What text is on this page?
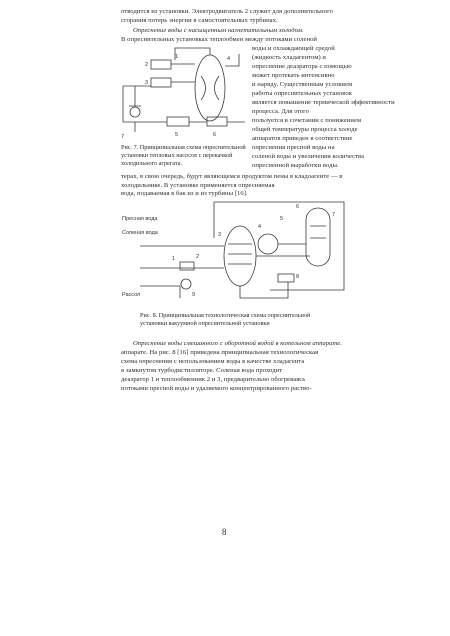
отводится из установки. Электродвигатель 2 служит для дополнительного
сгорания потерь энергии в самостоятельных турбинах.
Опреснение воды с насыщенным нагнетательным холодом.
В опреснительных установках теплообмен между потоками соленой
воды и охлаждающей средой
(жидкость хладагентом) и
опреснение деаэратора с помощью
может протекать интенсивно
и наряду. Существенным условием
работы опреснительных установок
является повышение термической эффективности
процесса. Для этого
пользуется в сочетании с понижением
общей температуры процесса холоде
аппаратов приведен в соответствие
опреснения пресной воды на
соленой воды и увеличения количества
опресненной выработки воды.
1
2
3
4
5	6
7
Рис. 7. Принципиальная схема опреснительной
установки тепловых насосов с перекачкой
холодильного агрегата.
терах, в свою очередь, будут являющемся продуктом пены в кладоагенте — в холодильнике. В установке применяется опресняемая
вода, подаваемая в бак из и из турбины [16].
Пресная вода
Соленая вода
Рассол
1	2
3
4
5
6
7
8
9
Рис. 8. Принципиальная технологическая схема опреснительной
установки вакуумной опреснительной установки
Опреснение воды смешанного с оборотной водой в котельном аппарате.
аппарате. На рис. 8 [16] приведена принципиальная технологическая
схема опреснения с использованием воды в качестве хладагента
в замкнутом турбодистилляторе. Соленая вода проходит
деаэратор 1 и теплообменник 2 и 3, предварительно обогреваясь
потоками пресной воды и удаляемого концентрированного раство-
8
